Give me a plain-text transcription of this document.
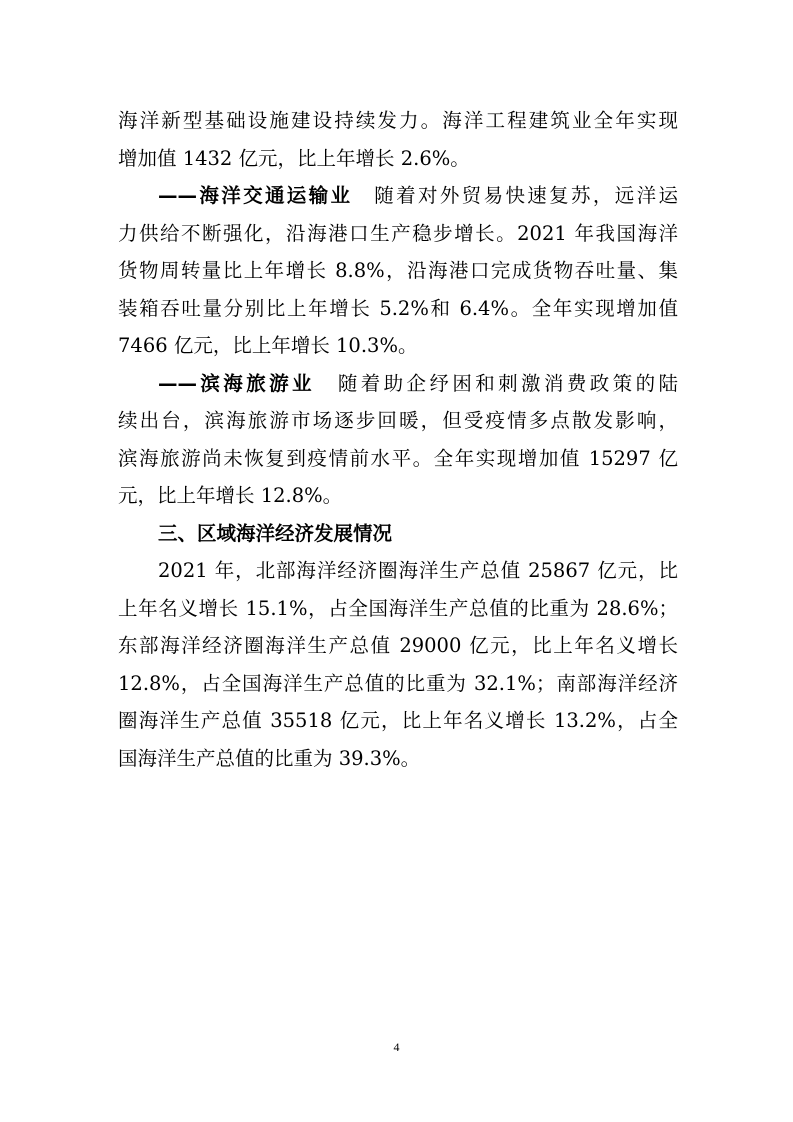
海洋新型基础设施建设持续发力。海洋工程建筑业全年实现
增加值 1432 亿元，比上年增长 2.6%。
——海洋交通运输业  随着对外贸易快速复苏，远洋运
力供给不断强化，沿海港口生产稳步增长。2021 年我国海洋
货物周转量比上年增长 8.8%，沿海港口完成货物吞吐量、集
装箱吞吐量分别比上年增长 5.2%和 6.4%。全年实现增加值
7466 亿元，比上年增长 10.3%。
——滨海旅游业  随着助企纾困和刺激消费政策的陆
续出台，滨海旅游市场逐步回暖，但受疫情多点散发影响，
滨海旅游尚未恢复到疫情前水平。全年实现增加值 15297 亿
元，比上年增长 12.8%。
三、区域海洋经济发展情况
2021 年，北部海洋经济圈海洋生产总值 25867 亿元，比
上年名义增长 15.1%，占全国海洋生产总值的比重为 28.6%；
东部海洋经济圈海洋生产总值 29000 亿元，比上年名义增长
12.8%，占全国海洋生产总值的比重为 32.1%；南部海洋经济
圈海洋生产总值 35518 亿元，比上年名义增长 13.2%，占全
国海洋生产总值的比重为 39.3%。
4
